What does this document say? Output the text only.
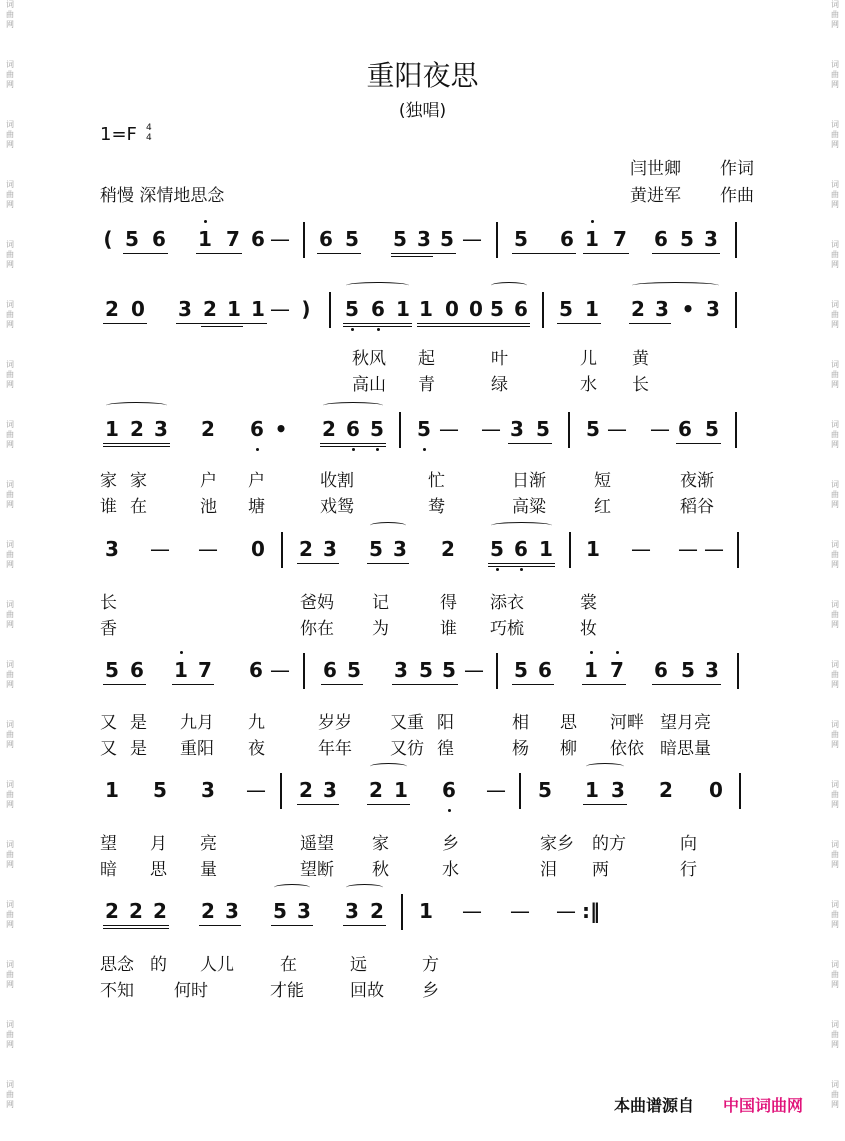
词
曲
网
词
曲
网
词
曲
网
词
曲
网
词
曲
网
词
曲
网
词
曲
网
词
曲
网
词
曲
网
词
曲
网
词
曲
网
词
曲
网
词
曲
网
词
曲
网
词
曲
网
词
曲
网
词
曲
网
词
曲
网
词
曲
网
词
曲
网
词
曲
网
词
曲
网
词
曲
网
词
曲
网
词
曲
网
词
曲
网
词
曲
网
词
曲
网
词
曲
网
词
曲
网
词
曲
网
词
曲
网
词
曲
网
词
曲
网
词
曲
网
词
曲
网
词
曲
网
词
曲
网
重阳夜思
(独唱)
1=F 4
4
稍慢 深情地思念
闫世卿 作词
黄进军 作曲
( 5 6 1 7 6 — 6 5 5 3 5 — 5 6 1 7 6 5 3
2 0 3 2 1 1 — ) 5 6 1 1 0 0 5 6 5 1 2 3 • 3
1 2 3 2 6 • 2 6 5 5 — — 3 5 5 — — 6 5
3 — — 0 2 3 5 3 2 5 6 1 1 — — —
5 6 1 7 6 — 6 5 3 5 5 — 5 6 1 7 6 5 3
1 5 3 — 2 3 2 1 6 — 5 1 3 2 0
2 2 2 2 3 5 3 3 2 1 — — — :‖
秋风 起	叶	儿 黄
高山 青	绿	水 长
家 家	户 户	收割	忙	日渐	短	夜渐
谁 在	池 塘	戏鸳	鸯	高粱	红	稻谷
长	爸妈 记	得 添衣	裳
香	你在 为	谁 巧梳	妆
又 是 九月 九	岁岁 又重 阳	相 思 河畔 望月亮
又 是 重阳 夜	年年 又彷 徨	杨 柳 依依 暗思量
望 月 亮	遥望 家	乡	家乡 的方	向
暗 思 量	望断 秋	水	泪 两	行
思念 的 人儿	在	远	方
不知 何时	才能	回故 乡
本曲谱源自 中国词曲网
